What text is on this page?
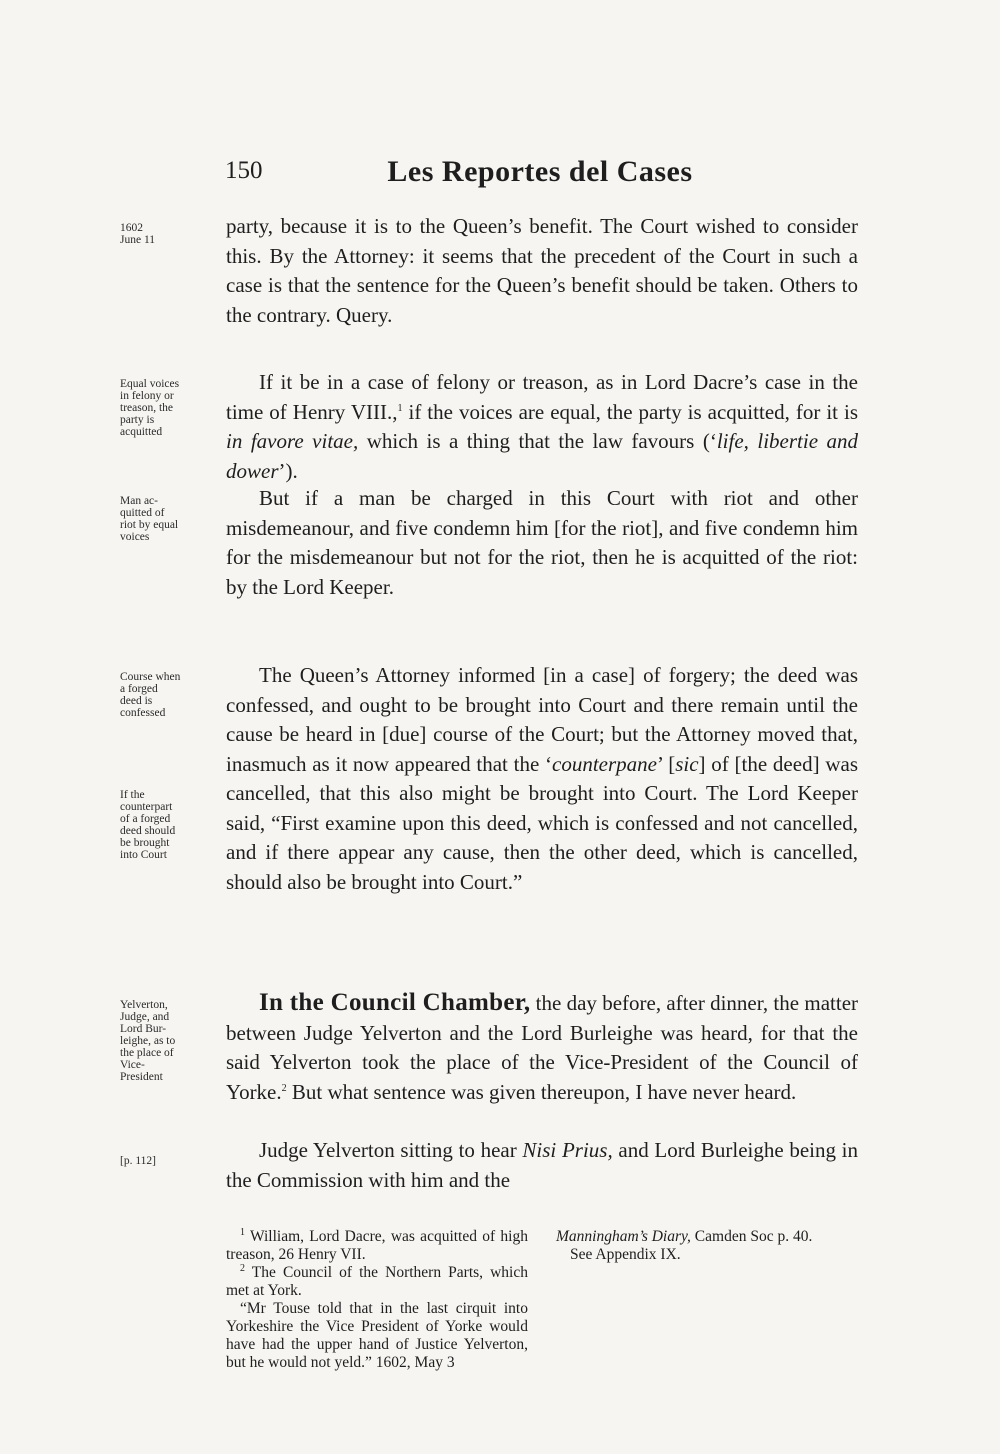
150	Les Reportes del Cases
1602
June 11
Equal voices
in felony or
treason, the
party is
acquitted
Man ac-
quitted of
riot by equal
voices
Course when
a forged
deed is
confessed
If the
counterpart
of a forged
deed should
be brought
into Court
Yelverton,
Judge, and
Lord Bur-
leighe, as to
the place of
Vice-
President
[p. 112]

party, because it is to the Queen’s benefit. The Court wished to consider this. By the Attorney: it seems that the precedent of the Court in such a case is that the sentence for the Queen’s benefit should be taken. Others to the contrary. Query.

If it be in a case of felony or treason, as in Lord Dacre’s case in the time of Henry VIII.,$^1$ if the voices are equal, the party is acquitted, for it is in favore vitae, which is a thing that the law favours (‘life, libertie and dower’).

But if a man be charged in this Court with riot and other misdemeanour, and five condemn him [for the riot], and five condemn him for the misdemeanour but not for the riot, then he is acquitted of the riot: by the Lord Keeper.

The Queen’s Attorney informed [in a case] of forgery; the deed was confessed, and ought to be brought into Court and there remain until the cause be heard in [due] course of the Court; but the Attorney moved that, inasmuch as it now appeared that the ‘counterpane’ [sic] of [the deed] was cancelled, that this also might be brought into Court. The Lord Keeper said, “First examine upon this deed, which is confessed and not cancelled, and if there appear any cause, then the other deed, which is cancelled, should also be brought into Court.”

In the Council Chamber, the day before, after dinner, the matter between Judge Yelverton and the Lord Burleighe was heard, for that the said Yelverton took the place of the Vice-President of the Council of Yorke.$^2$ But what sentence was given thereupon, I have never heard.

Judge Yelverton sitting to hear Nisi Prius, and Lord Burleighe being in the Commission with him and the

$^1$ William, Lord Dacre, was acquitted of high treason, 26 Henry VII.

$^2$ The Council of the Northern Parts, which met at York.

“Mr Touse told that in the last cirquit into Yorkeshire the Vice President of Yorke would have had the upper hand of Justice Yelverton, but he would not yeld.” 1602, May 3

Manningham’s Diary, Camden Soc p. 40.

See Appendix IX.
